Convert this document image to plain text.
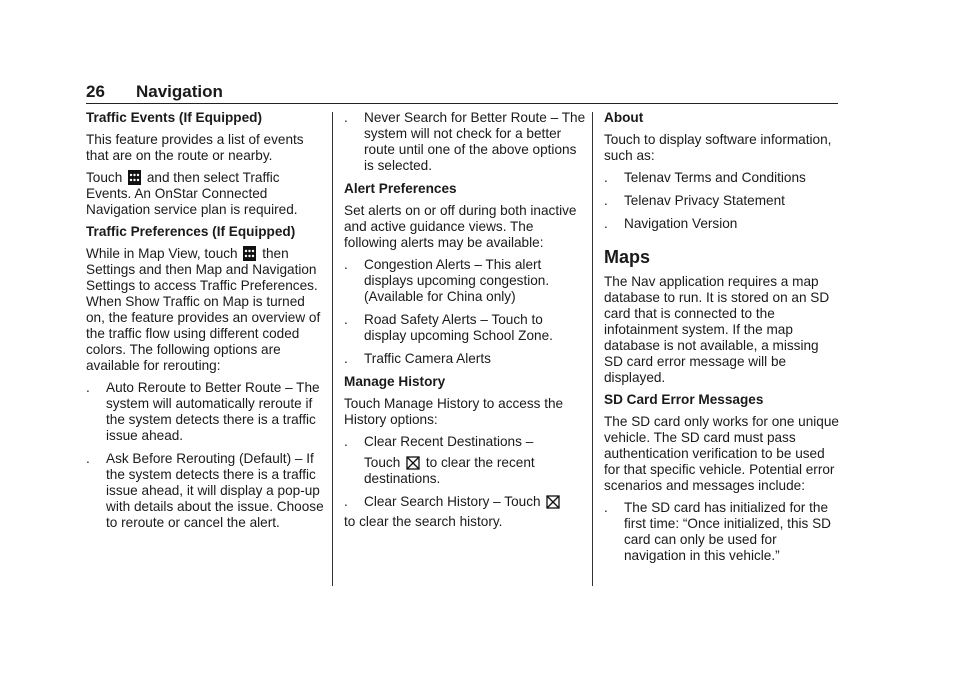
26 Navigation

Traffic Events (If Equipped)

This feature provides a list of events that are on the route or nearby.

Touch and then select Traffic Events. An OnStar Connected Navigation service plan is required.

Traffic Preferences (If Equipped)

While in Map View, touch then Settings and then Map and Navigation Settings to access Traffic Preferences. When Show Traffic on Map is turned on, the feature provides an overview of the traffic flow using different coded colors. The following options are available for rerouting:

.	Auto Reroute to Better Route – The system will automatically reroute if the system detects there is a traffic issue ahead.
.	Ask Before Rerouting (Default) – If the system detects there is a traffic issue ahead, it will display a pop-up with details about the issue. Choose to reroute or cancel the alert.
.	Never Search for Better Route – The system will not check for a better route until one of the above options is selected.

Alert Preferences

Set alerts on or off during both inactive and active guidance views. The following alerts may be available:

.	Congestion Alerts – This alert displays upcoming congestion. (Available for China only)
.	Road Safety Alerts – Touch to display upcoming School Zone.
.	Traffic Camera Alerts

Manage History

Touch Manage History to access the History options:

.	Clear Recent Destinations –
Touch to clear the recent destinations.
.	Clear Search History – Touch
to clear the search history.

About

Touch to display software information, such as:

.	Telenav Terms and Conditions
.	Telenav Privacy Statement
.	Navigation Version
Maps

The Nav application requires a map database to run. It is stored on an SD card that is connected to the infotainment system. If the map database is not available, a missing SD card error message will be displayed.

SD Card Error Messages

The SD card only works for one unique vehicle. The SD card must pass authentication verification to be used for that specific vehicle. Potential error scenarios and messages include:

.	The SD card has initialized for the first time: “Once initialized, this SD card can only be used for navigation in this vehicle.”
